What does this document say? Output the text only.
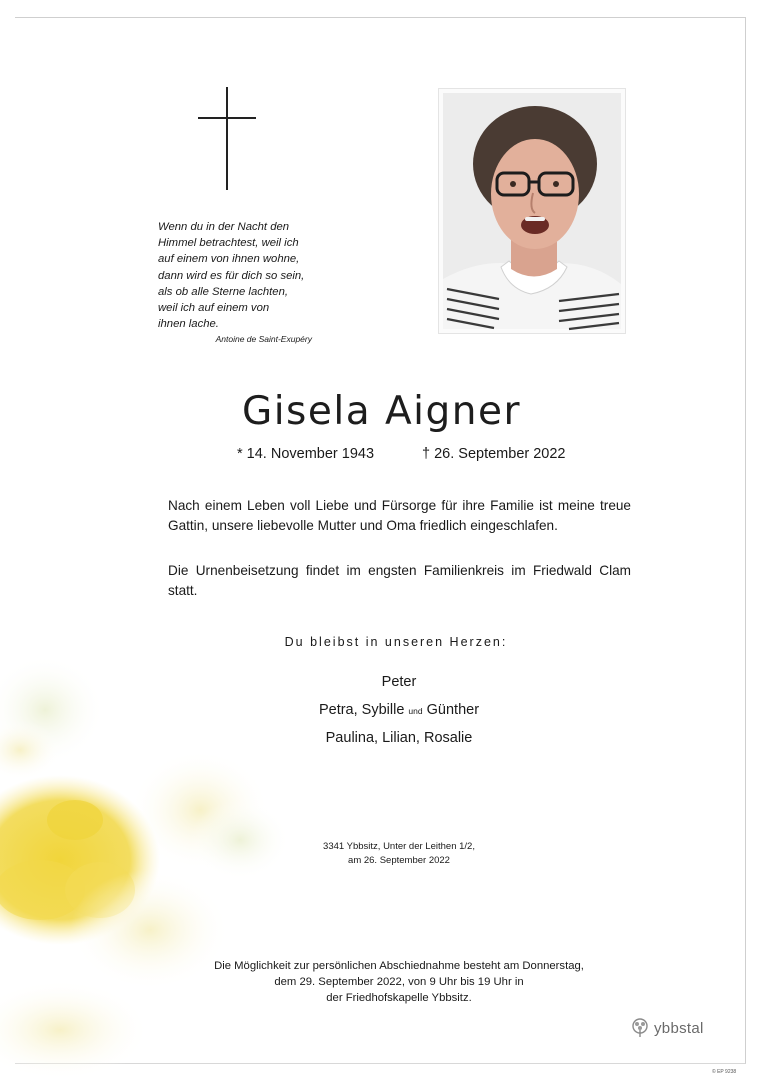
Wenn du in der Nacht den
Himmel betrachtest, weil ich
auf einem von ihnen wohne,
dann wird es für dich so sein,
als ob alle Sterne lachten,
weil ich auf einem von
ihnen lache.
Antoine de Saint-Exupéry
Gisela Aigner
* 14. November 1943	† 26. September 2022
Nach einem Leben voll Liebe und Fürsorge für ihre Familie ist meine treue Gattin, unsere liebevolle Mutter und Oma friedlich eingeschlafen.
Die Urnenbeisetzung findet im engsten Familienkreis im Friedwald Clam statt.
Du bleibst in unseren Herzen:
Peter
Petra, Sybille und Günther
Paulina, Lilian, Rosalie
3341 Ybbsitz, Unter der Leithen 1/2,
am 26. September 2022
Die Möglichkeit zur persönlichen Abschiednahme besteht am Donnerstag,
dem 29. September 2022, von 9 Uhr bis 19 Uhr in
der Friedhofskapelle Ybbsitz.
ybbstal
© EP 9238
